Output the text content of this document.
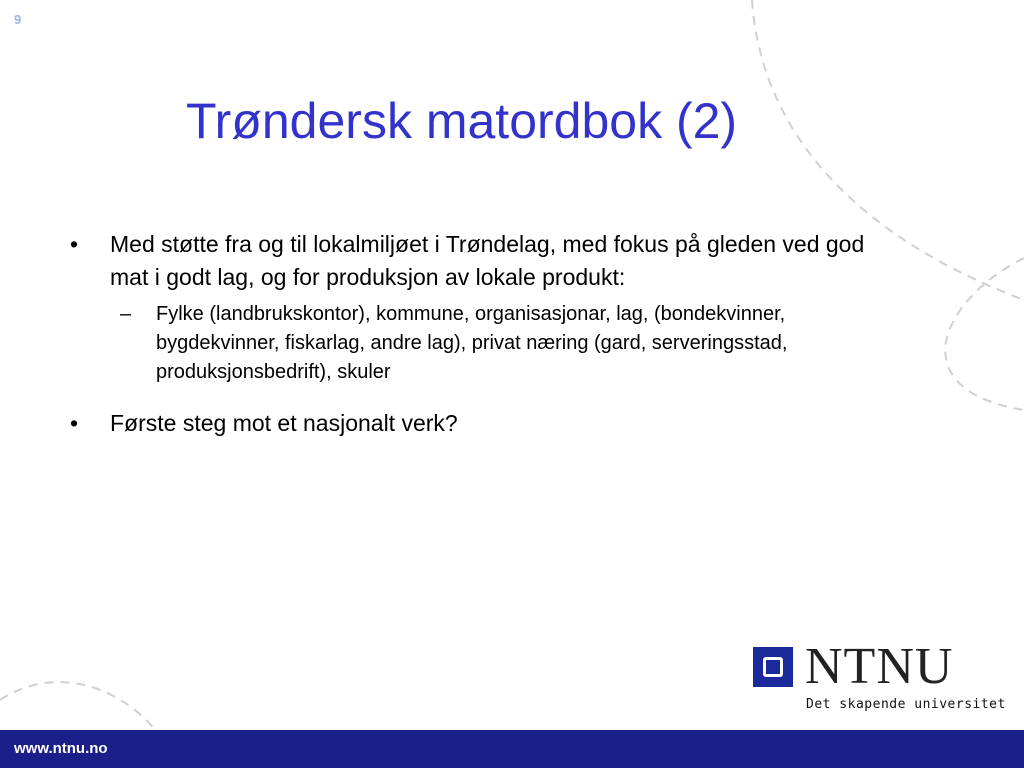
9
Trøndersk matordbok (2)
•	Med støtte fra og til lokalmiljøet i Trøndelag, med fokus på gleden ved god mat i godt lag, og for produksjon av lokale produkt:
– Fylke (landbrukskontor), kommune, organisasjonar, lag, (bondekvinner, bygdekvinner, fiskarlag, andre lag), privat næring (gard, serveringsstad, produksjonsbedrift), skuler
•	Første steg mot et nasjonalt verk?
NTNU
Det skapende universitet
www.ntnu.no
